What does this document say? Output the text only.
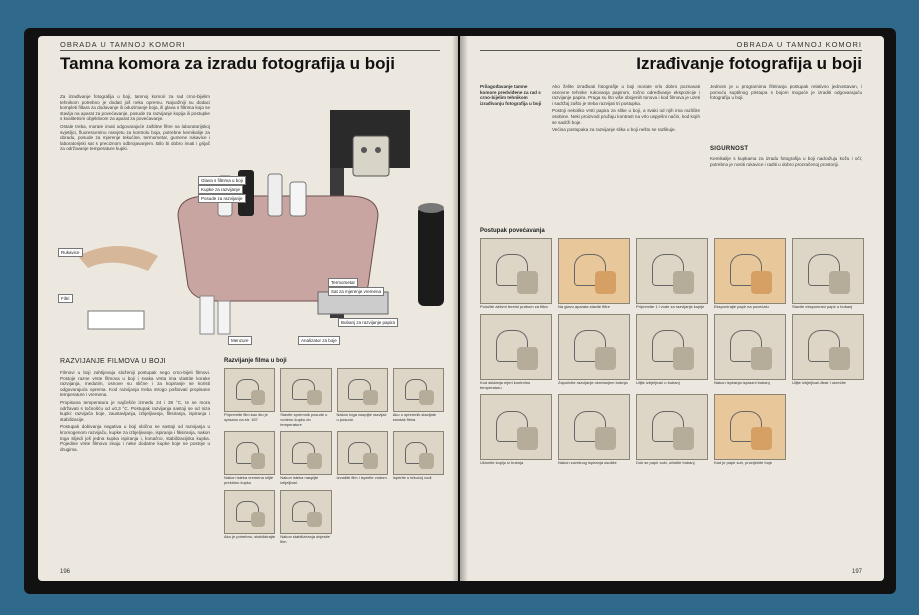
OBRADA U TAMNOJ KOMORI
Tamna komora za izradu fotografija u boji

Za izrađivanje fotografija u boji, tamnoj komori za rad crno-bijelim tehnikom potrebno je dodati još neku opremu. Najvažniji su dodaci kompleti filtara za dodavanje ili oduzimanje boja, ili glava s filtrima koja se stavlja na aparat za povećavanje, posude za razvijanje kopija ili postupke s kvalitetnim objektivom za aparat za povećavanje.

Ostale treba, morate imati odgovarajuće zaštitne filtre na laboratorijskoj svjetiljci, fluorescentnu rasvjetu za kontrolu boja, potrebne kemikalije za obradu, posude za mjerenje tekućine, termometar, gumene rukavice i laboratorijski sat s preciznom odbrojavanjem. Bilo bi dobro imati i grijač za održavanje temperature kupki.

Glava s filtrima u boji
Kupke za razvijanje
Posude za razvijanje
Rukavice
Filtri
Termometar
Sat za mjerenje vremena
Bubanj za razvijanje papira
Menzure	Analizator za boje
RAZVIJANJE FILMOVA U BOJI

Filmovi u boji zahtijevaju složeniji postupak nego crno-bijeli filmovi. Postoje razne vrste filmova u boji i svaka vrsta ima vlastite korake razvijanja, medutim, osnove su slične i za kopiranje se koristi odgovarajuća oprema. Kod razvijanja treba strogo poštovati propisane temperature i vremena.

Propisana temperatura je najčešće između 24 i 38 °C, te se mora održavati s točnošću od ±0,3 °C. Postupak razvijanja sastoji se od niza kupki: razvijača boje, zaustavljanja, izbjeljivanja, fiksiranja, ispiranja i stabilizacije.

Postupak dobivanja negativa u boji obično se sastoji od razvijanja u kromogenom razvijaču, kupke za izbjeljivanje, ispiranja i fiksiranja, nakon toga slijedi još jedna kupka ispiranja i, konačno, stabilizacijska kupka. Pojedine vrste filmova imaju i neke dodatne kupke koje ne postoje u drugima.

Razvijanje filma u boji
Pripremite film kao što je opisano na str. 187
Stavite spremnik posude u vodenu kupku do temperature
Nakon toga naspijte razvijač u posudu
Ako u spremnik stavljate smotak filma
Nakon isteka vremena ulijte prekidnu kupku
Nakon isteka naspijte izbjeljivač
Izvadite film i isperite vodom Isperite u tekućoj vodi
Ako je potrebno, stabilizirajte Nakon stabiliziranja objesite film
196
OBRADA U TAMNOJ KOMORI
Izrađivanje fotografija u boji
Prilagođavanje tamne komore predviđene za rad s crno-bijelim tehnikom izrađivanju fotografija u boji

Ako želite izrađivati fotografije u boji morate vrlo dobro poznavati osnovne tehnike rukovanja papirom, točno određivanje ekspozicije i razvijanje papira. Praga su što više obojenih tonova i kod filmova je uzeti i sadržaj zašto je treba razvijati tri postupka.

Postoji nekoliko vrsti papira za slike u boji, a svaki od njih ima različite osobine. Neki proizvodi pružaju kontrast na vrlo uspješni način, kod kojih se sadrži boje.

Većina postupaka za razvijanje slika u boji nešto se razlikuje.

Jednom je u programima filtriranja postupak relativno jednostavan, i pomoću suptilnog pristupa s bojom moguće je izraditi odgovarajuću fotografiju u boji.

SIGURNOST
Kemikalije s kupkama za izradu fotografija u boji nadražuju kožu i oči; potrebno je nositi rukavice i raditi u dobro prozračenoj prostoriji.
Postupak povećavanja
Položite aktivni teretni prahom za filtra	Na glavu aparata stavite filtre	Pripremite 1 l vode za razvijanje kopije	Eksponirajte papir na povećalu	Stavite eksponirani papir u bubanj
Kod skidanja mjeri kontrolnu temperaturu
Započnite razvijanje okretanjem bubnja	Ulijte izbjeljivač u bubanj	Nakon ispiranja isprazni bubanj	Ulijte izbjeljivač-fiksir i okrećite
Uklonite kopiju iz bubnja	Nakon završnog ispiranja osušite	Dok se papir suši, očistite bubanj	Kad je papir suh, procijenite boje
197
